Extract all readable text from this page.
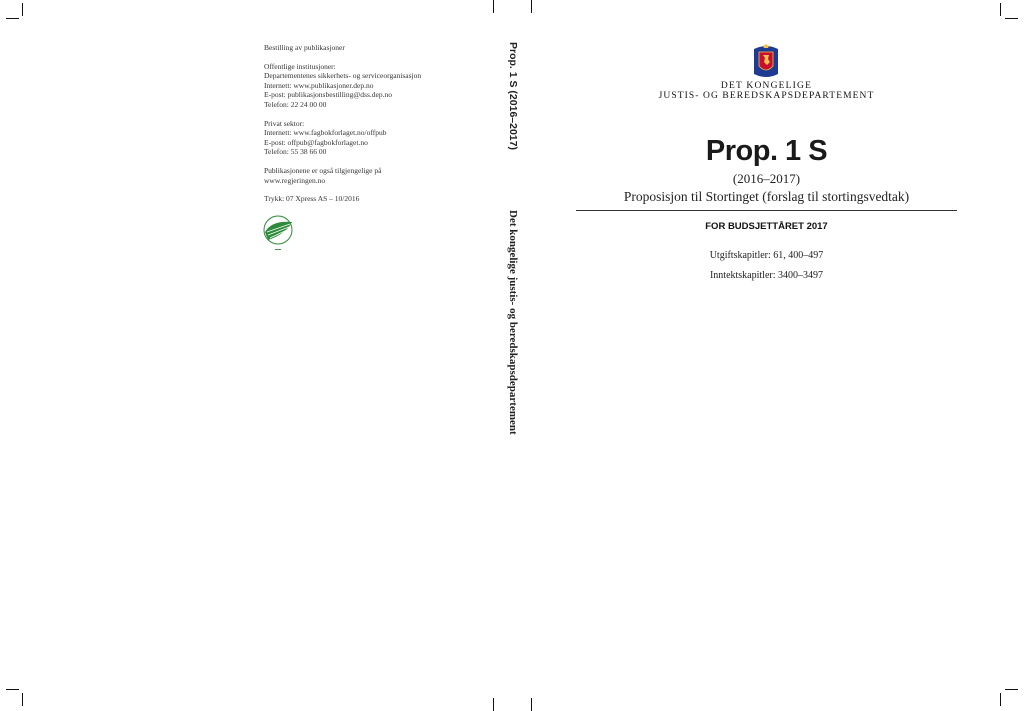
Bestilling av publikasjoner
Offentlige institusjoner:
Departementenes sikkerhets- og serviceorganisasjon
Internett: www.publikasjoner.dep.no
E-post: publikasjonsbestilling@dss.dep.no
Telefon: 22 24 00 00
Privat sektor:
Internett: www.fagbokforlaget.no/offpub
E-post: offpub@fagbokforlaget.no
Telefon: 55 38 66 00
Publikasjonene er også tilgjengelige på
www.regjeringen.no
Trykk: 07 Xpress AS – 10/2016
▬▬
Prop. 1 S (2016–2017)
Det kongelige justis- og beredskapsdepartement
DET KONGELIGE
JUSTIS- OG BEREDSKAPSDEPARTEMENT
Prop. 1 S
(2016–2017)
Proposisjon til Stortinget (forslag til stortingsvedtak)
FOR BUDSJETTÅRET 2017
Utgiftskapitler: 61, 400–497
Inntektskapitler: 3400–3497
